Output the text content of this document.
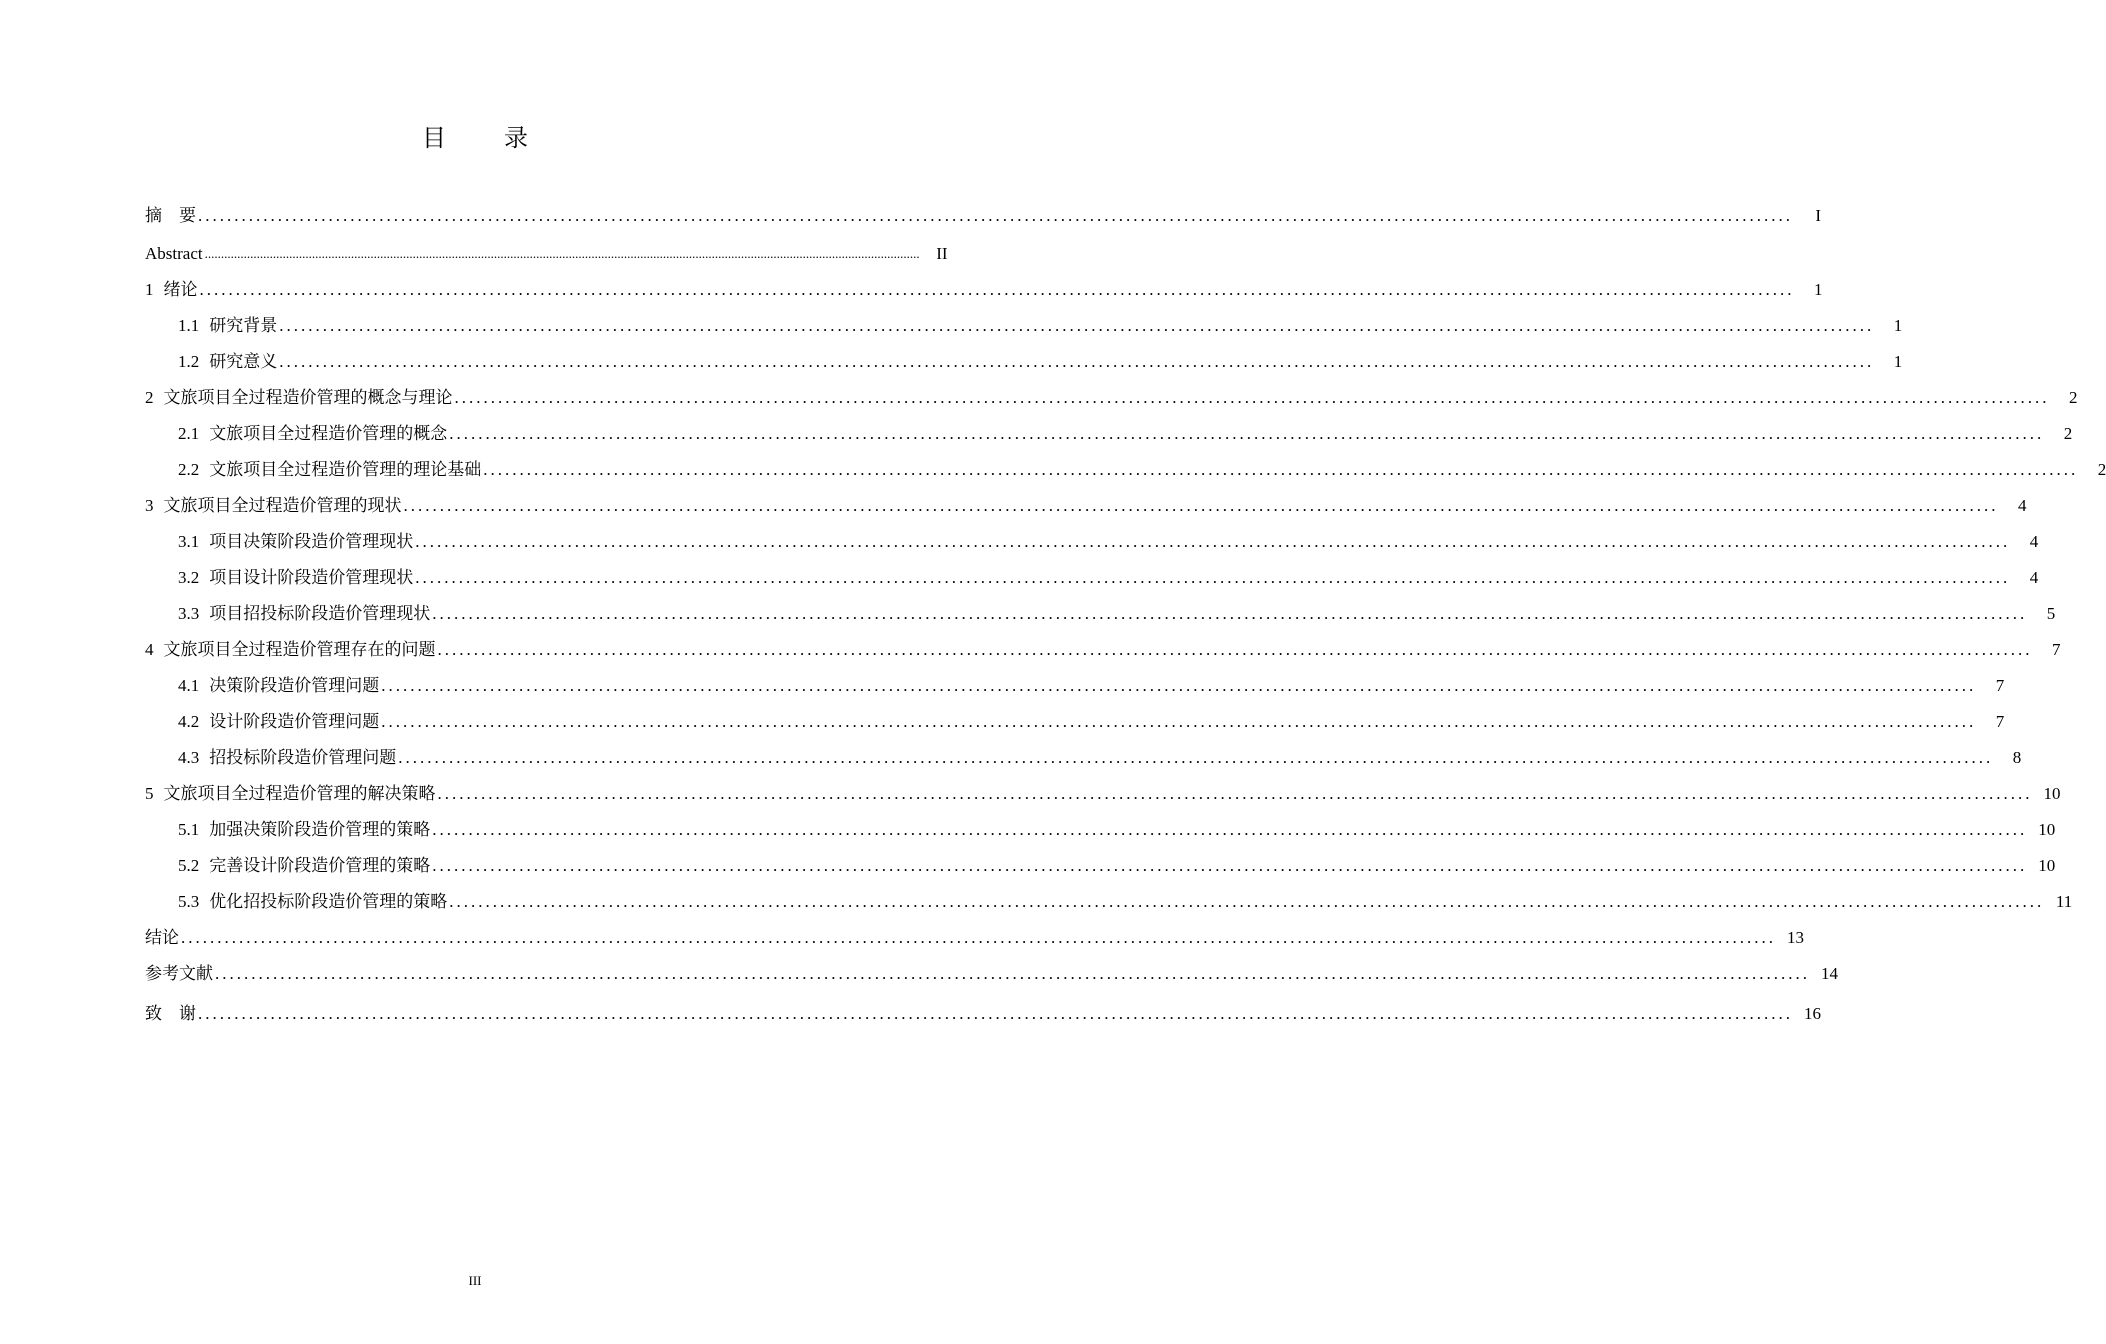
目 录
摘    要 ............................................................................................................................................................................................................................	I
Abstract ............................................................................................................................................................................................................................ II
1 绪论 ............................................................................................................................................................................................................................	1
1.1 研究背景 ............................................................................................................................................................................................................................	1
1.2 研究意义 ............................................................................................................................................................................................................................	1
2 文旅项目全过程造价管理的概念与理论 ............................................................................................................................................................................................................................	2
2.1 文旅项目全过程造价管理的概念 ............................................................................................................................................................................................................................	2
2.2 文旅项目全过程造价管理的理论基础 ............................................................................................................................................................................................................................	2
3 文旅项目全过程造价管理的现状 ............................................................................................................................................................................................................................	4
3.1 项目决策阶段造价管理现状 ............................................................................................................................................................................................................................	4
3.2 项目设计阶段造价管理现状 ............................................................................................................................................................................................................................	4
3.3 项目招投标阶段造价管理现状 ............................................................................................................................................................................................................................	5
4 文旅项目全过程造价管理存在的问题 ............................................................................................................................................................................................................................	7
4.1 决策阶段造价管理问题 ............................................................................................................................................................................................................................	7
4.2 设计阶段造价管理问题 ............................................................................................................................................................................................................................	7
4.3 招投标阶段造价管理问题 ............................................................................................................................................................................................................................	8
5 文旅项目全过程造价管理的解决策略 ............................................................................................................................................................................................................................ 10
5.1 加强决策阶段造价管理的策略 ............................................................................................................................................................................................................................ 10
5.2 完善设计阶段造价管理的策略 ............................................................................................................................................................................................................................ 10
5.3 优化招投标阶段造价管理的策略 ............................................................................................................................................................................................................................ 11
结论 ............................................................................................................................................................................................................................ 13
参考文献 ............................................................................................................................................................................................................................ 14
致    谢 ............................................................................................................................................................................................................................ 16
III
